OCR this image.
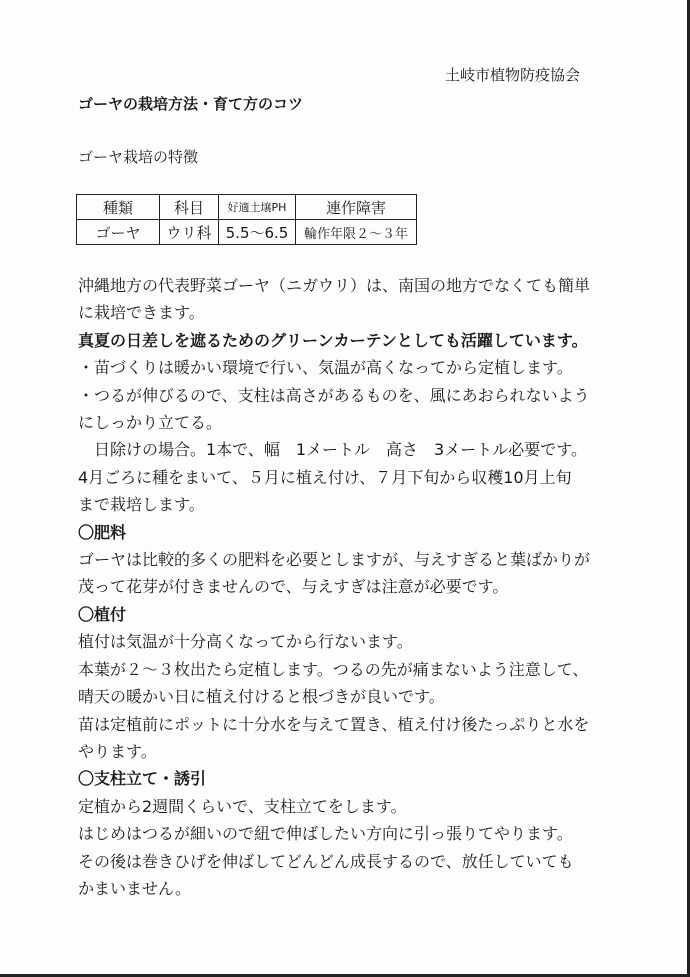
土岐市植物防疫協会
ゴーヤの栽培方法・育て方のコツ
ゴーヤ栽培の特徴
種類	科目	好適土壌PH	連作障害
ゴーヤ	ウリ科	5.5〜6.5	輪作年限２〜３年

沖縄地方の代表野菜ゴーヤ（ニガウリ）は、南国の地方でなくても簡単

に栽培できます。

真夏の日差しを遮るためのグリーンカーテンとしても活躍しています。

・苗づくりは暖かい環境で行い、気温が高くなってから定植します。

・つるが伸びるので、支柱は高さがあるものを、風にあおられないよう

にしっかり立てる。

日除けの場合。1本で、幅　1メートル　高さ　3メートル必要です。

4月ごろに種をまいて、５月に植え付け、７月下旬から収穫10月上旬

まで栽培します。

〇肥料

ゴーヤは比較的多くの肥料を必要としますが、与えすぎると葉ばかりが

茂って花芽が付きませんので、与えすぎは注意が必要です。

〇植付

植付は気温が十分高くなってから行ないます。

本葉が２〜３枚出たら定植します。つるの先が痛まないよう注意して、

晴天の暖かい日に植え付けると根づきが良いです。

苗は定植前にポットに十分水を与えて置き、植え付け後たっぷりと水を

やります。

〇支柱立て・誘引

定植から2週間くらいで、支柱立てをします。

はじめはつるが細いので紐で伸ばしたい方向に引っ張りてやります。

その後は巻きひげを伸ばしてどんどん成長するので、放任していても

かまいません。
